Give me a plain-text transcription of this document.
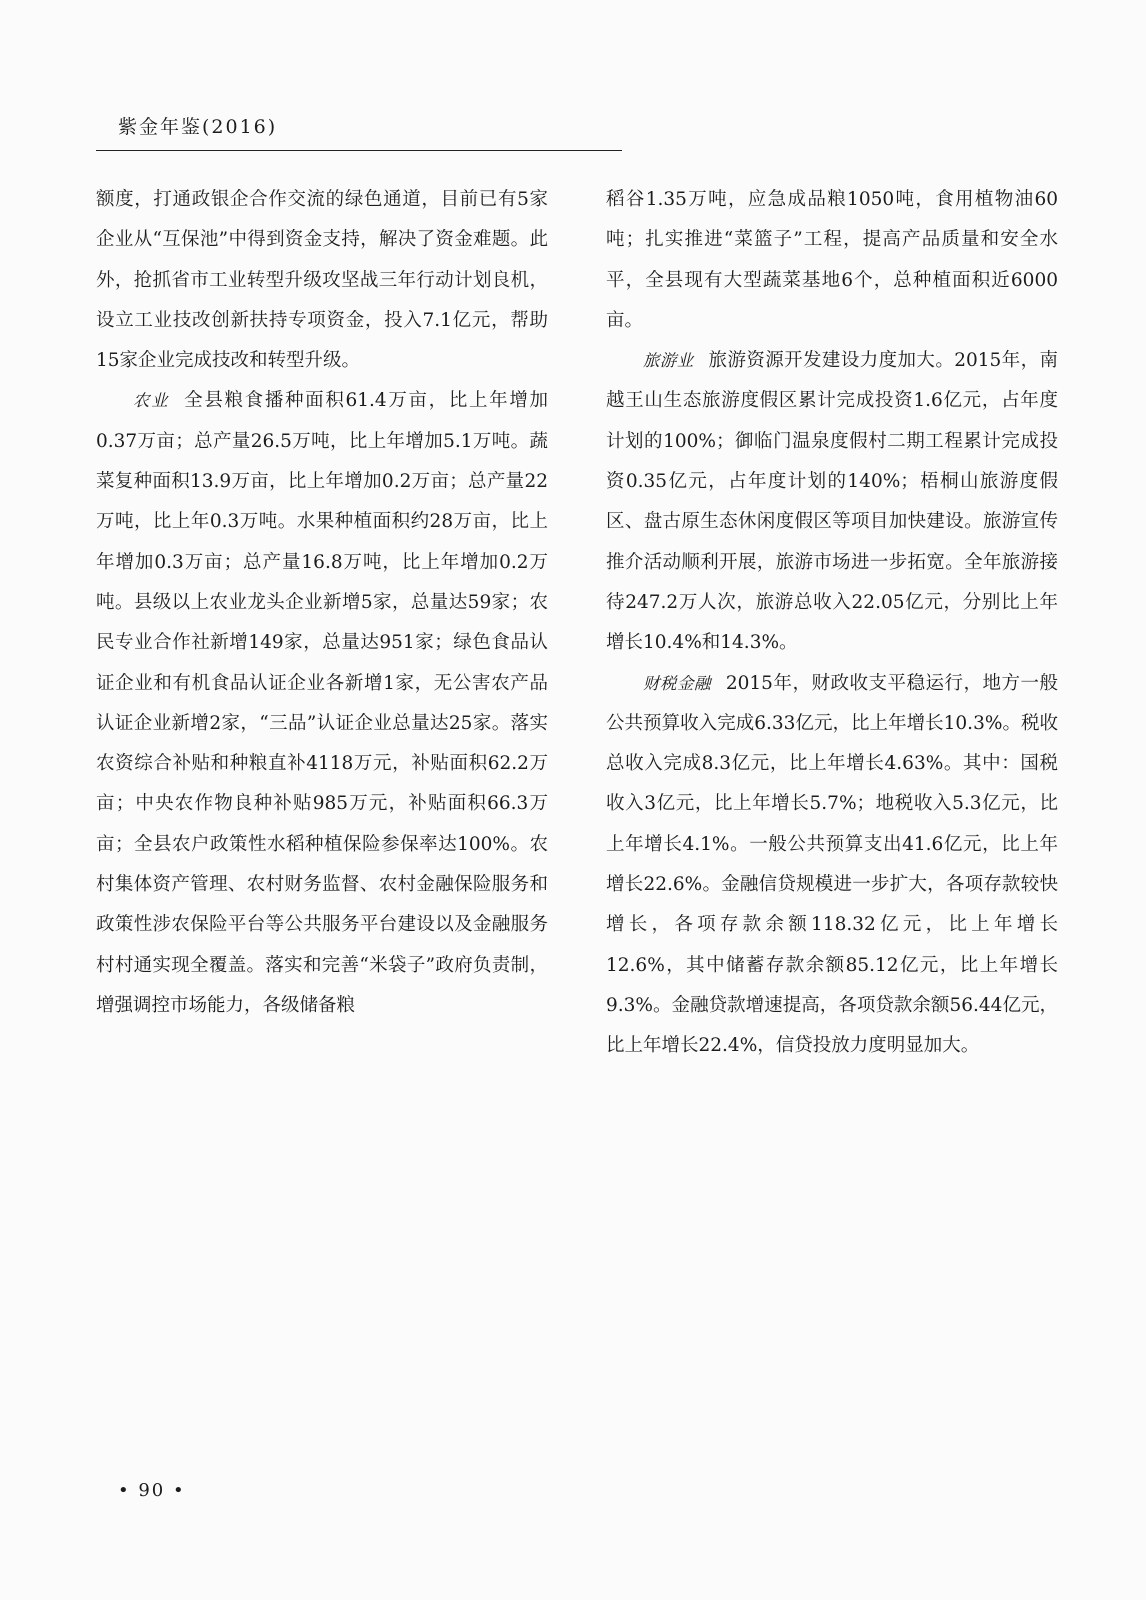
紫金年鉴(2016)

额度，打通政银企合作交流的绿色通道，目前已有5家企业从“互保池”中得到资金支持，解决了资金难题。此外，抢抓省市工业转型升级攻坚战三年行动计划良机，设立工业技改创新扶持专项资金，投入7.1亿元，帮助15家企业完成技改和转型升级。

农业 全县粮食播种面积61.4万亩，比上年增加0.37万亩；总产量26.5万吨，比上年增加5.1万吨。蔬菜复种面积13.9万亩，比上年增加0.2万亩；总产量22万吨，比上年0.3万吨。水果种植面积约28万亩，比上年增加0.3万亩；总产量16.8万吨，比上年增加0.2万吨。县级以上农业龙头企业新增5家，总量达59家；农民专业合作社新增149家，总量达951家；绿色食品认证企业和有机食品认证企业各新增1家，无公害农产品认证企业新增2家，“三品”认证企业总量达25家。落实农资综合补贴和种粮直补4118万元，补贴面积62.2万亩；中央农作物良种补贴985万元，补贴面积66.3万亩；全县农户政策性水稻种植保险参保率达100%。农村集体资产管理、农村财务监督、农村金融保险服务和政策性涉农保险平台等公共服务平台建设以及金融服务村村通实现全覆盖。落实和完善“米袋子”政府负责制，增强调控市场能力，各级储备粮

稻谷1.35万吨，应急成品粮1050吨，食用植物油60吨；扎实推进“菜篮子”工程，提高产品质量和安全水平，全县现有大型蔬菜基地6个，总种植面积近6000亩。

旅游业 旅游资源开发建设力度加大。2015年，南越王山生态旅游度假区累计完成投资1.6亿元，占年度计划的100%；御临门温泉度假村二期工程累计完成投资0.35亿元，占年度计划的140%；梧桐山旅游度假区、盘古原生态休闲度假区等项目加快建设。旅游宣传推介活动顺利开展，旅游市场进一步拓宽。全年旅游接待247.2万人次，旅游总收入22.05亿元，分别比上年增长10.4%和14.3%。

财税金融 2015年，财政收支平稳运行，地方一般公共预算收入完成6.33亿元，比上年增长10.3%。税收总收入完成8.3亿元，比上年增长4.63%。其中：国税收入3亿元，比上年增长5.7%；地税收入5.3亿元，比上年增长4.1%。一般公共预算支出41.6亿元，比上年增长22.6%。金融信贷规模进一步扩大，各项存款较快增长，各项存款余额118.32亿元，比上年增长12.6%，其中储蓄存款余额85.12亿元，比上年增长9.3%。金融贷款增速提高，各项贷款余额56.44亿元，比上年增长22.4%，信贷投放力度明显加大。

• 90 •
